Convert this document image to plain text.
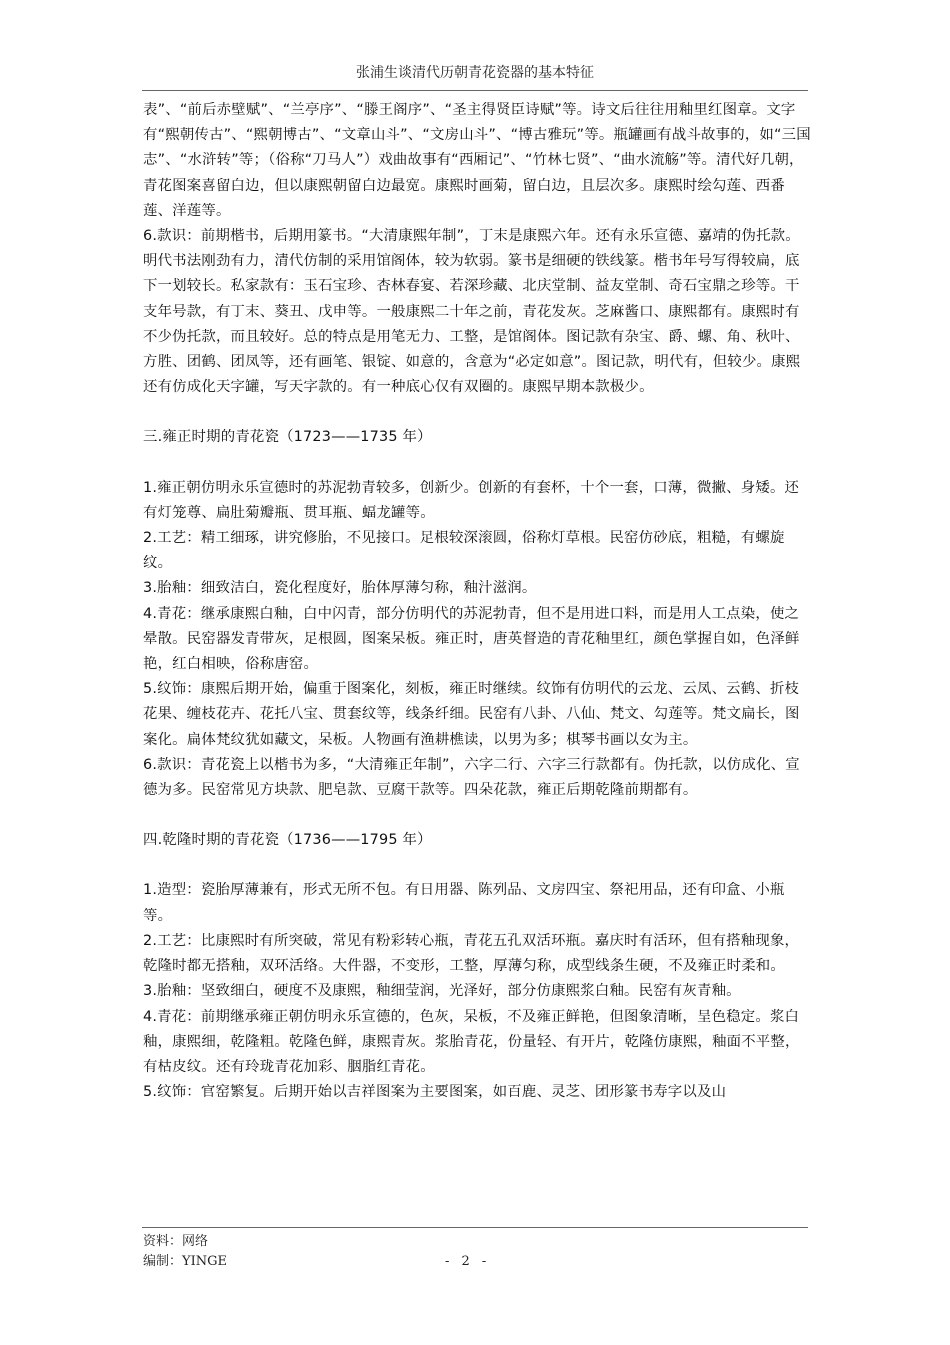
张浦生谈清代历朝青花瓷器的基本特征

表”、“前后赤壁赋”、“兰亭序”、“滕王阁序”、“圣主得贤臣诗赋”等。诗文后往往用釉里红图章。文字有“熙朝传古”、“熙朝博古”、“文章山斗”、“文房山斗”、“博古雅玩”等。瓶罐画有战斗故事的，如“三国志”、“水浒转”等；（俗称“刀马人”）戏曲故事有“西厢记”、“竹林七贤”、“曲水流觞”等。清代好几朝，青花图案喜留白边，但以康熙朝留白边最宽。康熙时画菊，留白边，且层次多。康熙时绘勾莲、西番莲、洋莲等。

6.款识：前期楷书，后期用篆书。“大清康熙年制”，丁末是康熙六年。还有永乐宣德、嘉靖的伪托款。明代书法刚劲有力，清代仿制的采用馆阁体，较为软弱。篆书是细硬的铁线篆。楷书年号写得较扁，底下一划较长。私家款有：玉石宝珍、杏林春宴、若深珍藏、北庆堂制、益友堂制、奇石宝鼎之珍等。干支年号款，有丁末、葵丑、戊申等。一般康熙二十年之前，青花发灰。芝麻酱口、康熙都有。康熙时有不少伪托款，而且较好。总的特点是用笔无力、工整，是馆阁体。图记款有杂宝、爵、螺、角、秋叶、方胜、团鹤、团凤等，还有画笔、银锭、如意的，含意为“必定如意”。图记款，明代有，但较少。康熙还有仿成化天字罐，写天字款的。有一种底心仅有双圈的。康熙早期本款极少。

三.雍正时期的青花瓷（1723——1735 年）

1.雍正朝仿明永乐宣德时的苏泥勃青较多，创新少。创新的有套杯，十个一套，口薄，微撇、身矮。还有灯笼尊、扁肚菊瓣瓶、贯耳瓶、蝠龙罐等。

2.工艺：精工细琢，讲究修胎，不见接口。足根较深滚圆，俗称灯草根。民窑仿砂底，粗糙，有螺旋纹。

3.胎釉：细致洁白，瓷化程度好，胎体厚薄匀称，釉汁滋润。

4.青花：继承康熙白釉，白中闪青，部分仿明代的苏泥勃青，但不是用进口料，而是用人工点染，使之晕散。民窑器发青带灰，足根圆，图案呆板。雍正时，唐英督造的青花釉里红，颜色掌握自如，色泽鲜艳，红白相映，俗称唐窑。

5.纹饰：康熙后期开始，偏重于图案化，刻板，雍正时继续。纹饰有仿明代的云龙、云凤、云鹤、折枝花果、缠枝花卉、花托八宝、贯套纹等，线条纤细。民窑有八卦、八仙、梵文、勾莲等。梵文扁长，图案化。扁体梵纹犹如藏文，呆板。人物画有渔耕樵读，以男为多；棋琴书画以女为主。

6.款识：青花瓷上以楷书为多，“大清雍正年制”，六字二行、六字三行款都有。伪托款，以仿成化、宣德为多。民窑常见方块款、肥皂款、豆腐干款等。四朵花款，雍正后期乾隆前期都有。

四.乾隆时期的青花瓷（1736——1795 年）

1.造型：瓷胎厚薄兼有，形式无所不包。有日用器、陈列品、文房四宝、祭祀用品，还有印盒、小瓶等。

2.工艺：比康熙时有所突破，常见有粉彩转心瓶，青花五孔双活环瓶。嘉庆时有活环，但有搭釉现象，乾隆时都无搭釉，双环活络。大件器，不变形，工整，厚薄匀称，成型线条生硬，不及雍正时柔和。

3.胎釉：坚致细白，硬度不及康熙，釉细莹润，光泽好，部分仿康熙浆白釉。民窑有灰青釉。

4.青花：前期继承雍正朝仿明永乐宣德的，色灰，呆板，不及雍正鲜艳，但图象清晰，呈色稳定。浆白釉，康熙细，乾隆粗。乾隆色鲜，康熙青灰。浆胎青花，份量轻、有开片，乾隆仿康熙，釉面不平整，有枯皮纹。还有玲珑青花加彩、胭脂红青花。

5.纹饰：官窑繁复。后期开始以吉祥图案为主要图案，如百鹿、灵芝、团形篆书寿字以及山

资料：网络
编制：YINGE	- 2 -
